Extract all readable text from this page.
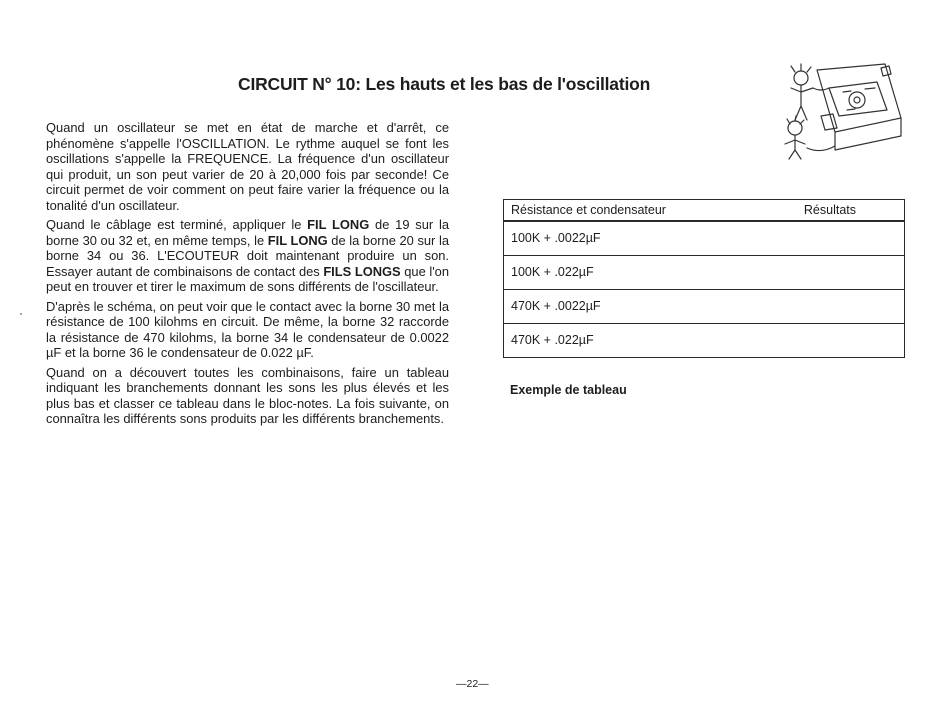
CIRCUIT N° 10: Les hauts et les bas de l'oscillation

Quand un oscillateur se met en état de marche et d'arrêt, ce phénomène s'appelle l'OSCILLATION. Le rythme auquel se font les oscillations s'appelle la FREQUENCE. La fréquence d'un oscillateur qui produit, un son peut varier de 20 à 20,000 fois par seconde! Ce circuit permet de voir comment on peut faire varier la fréquence ou la tonalité d'un oscillateur.

Quand le câblage est terminé, appliquer le FIL LONG de 19 sur la borne 30 ou 32 et, en même temps, le FIL LONG de la borne 20 sur la borne 34 ou 36. L'ECOUTEUR doit maintenant produire un son. Essayer autant de combinaisons de contact des FILS LONGS que l'on peut en trouver et tirer le maximum de sons différents de l'oscillateur.

D'après le schéma, on peut voir que le contact avec la borne 30 met la résistance de 100 kilohms en circuit. De même, la borne 32 raccorde la résistance de 470 kilohms, la borne 34 le condensateur de 0.0022 µF et la borne 36 le condensateur de 0.022 µF.

Quand on a découvert toutes les combinaisons, faire un tableau indiquant les branchements donnant les sons les plus élevés et les plus bas et classer ce tableau dans le bloc-notes. La fois suivante, on connaîtra les différents sons produits par les différents branchements.

Résistance et condensateur	Résultats
100K + .0022µF
100K + .022µF
470K + .0022µF
470K + .022µF
Exemple de tableau
—22—
